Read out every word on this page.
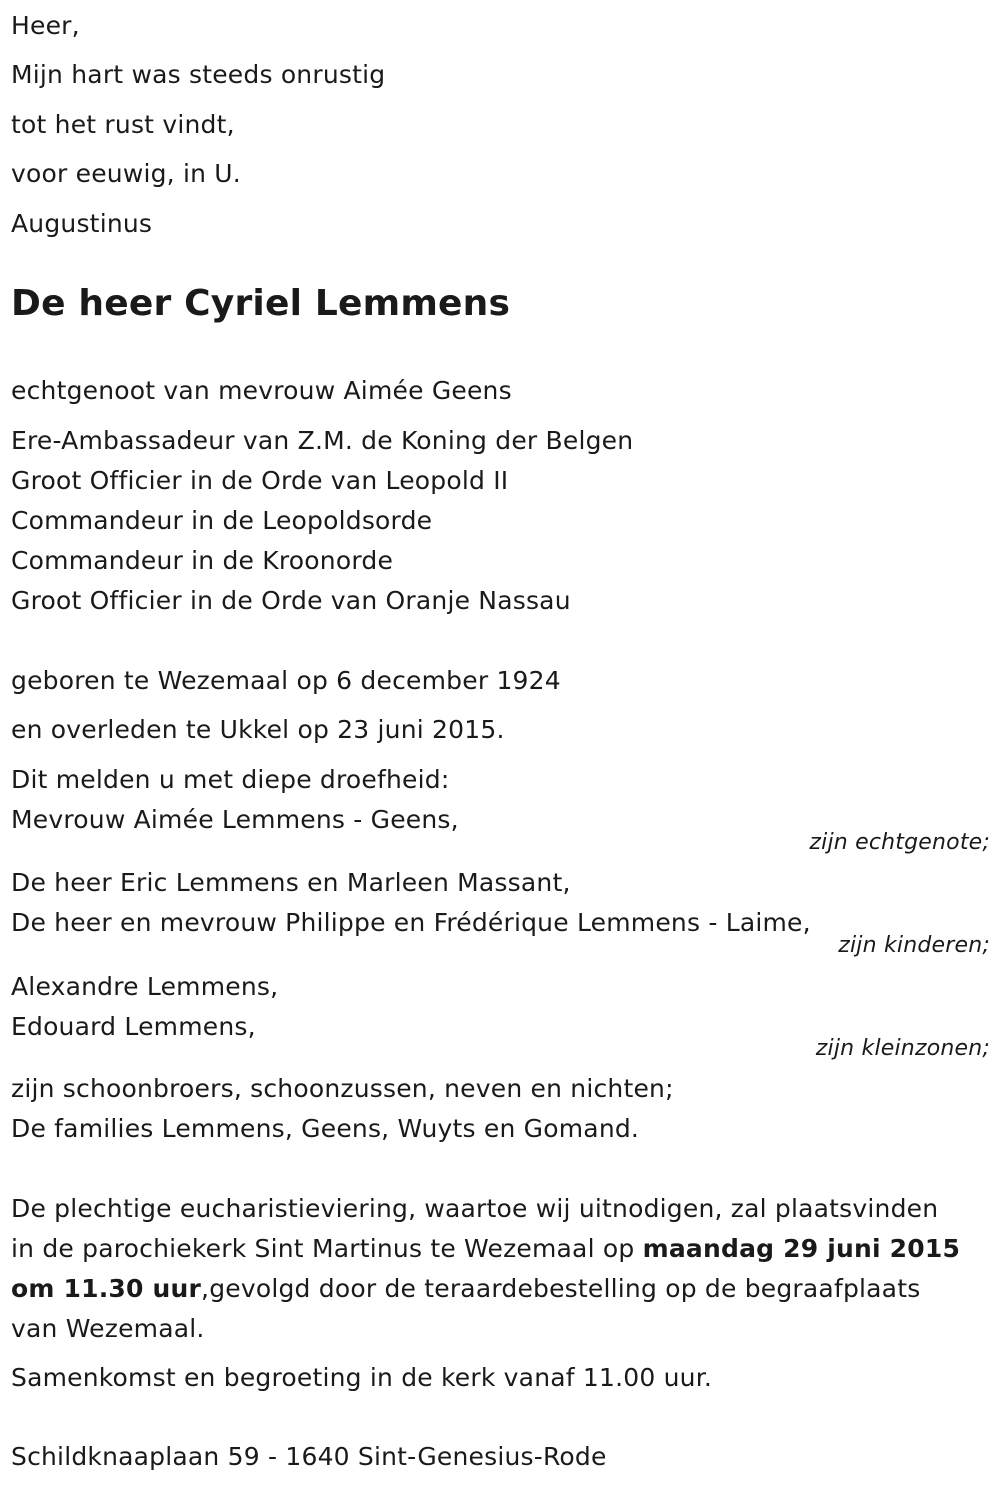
Heer,
Mijn hart was steeds onrustig
tot het rust vindt,
voor eeuwig, in U.
Augustinus
De heer Cyriel Lemmens
echtgenoot van mevrouw Aimée Geens
Ere-Ambassadeur van Z.M. de Koning der Belgen
Groot Officier in de Orde van Leopold II
Commandeur in de Leopoldsorde
Commandeur in de Kroonorde
Groot Officier in de Orde van Oranje Nassau
geboren te Wezemaal op 6 december 1924
en overleden te Ukkel op 23 juni 2015.
Dit melden u met diepe droefheid:
Mevrouw Aimée Lemmens - Geens,
zijn echtgenote;
De heer Eric Lemmens en Marleen Massant,
De heer en mevrouw Philippe en Frédérique Lemmens - Laime,
zijn kinderen;
Alexandre Lemmens,
Edouard Lemmens,
zijn kleinzonen;
zijn schoonbroers, schoonzussen, neven en nichten;
De families Lemmens, Geens, Wuyts en Gomand.
De plechtige eucharistieviering, waartoe wij uitnodigen, zal plaatsvinden
in de parochiekerk Sint Martinus te Wezemaal op maandag 29 juni 2015
om 11.30 uur,gevolgd door de teraardebestelling op de begraafplaats
van Wezemaal.
Samenkomst en begroeting in de kerk vanaf 11.00 uur.
Schildknaaplaan 59 - 1640 Sint-Genesius-Rode
